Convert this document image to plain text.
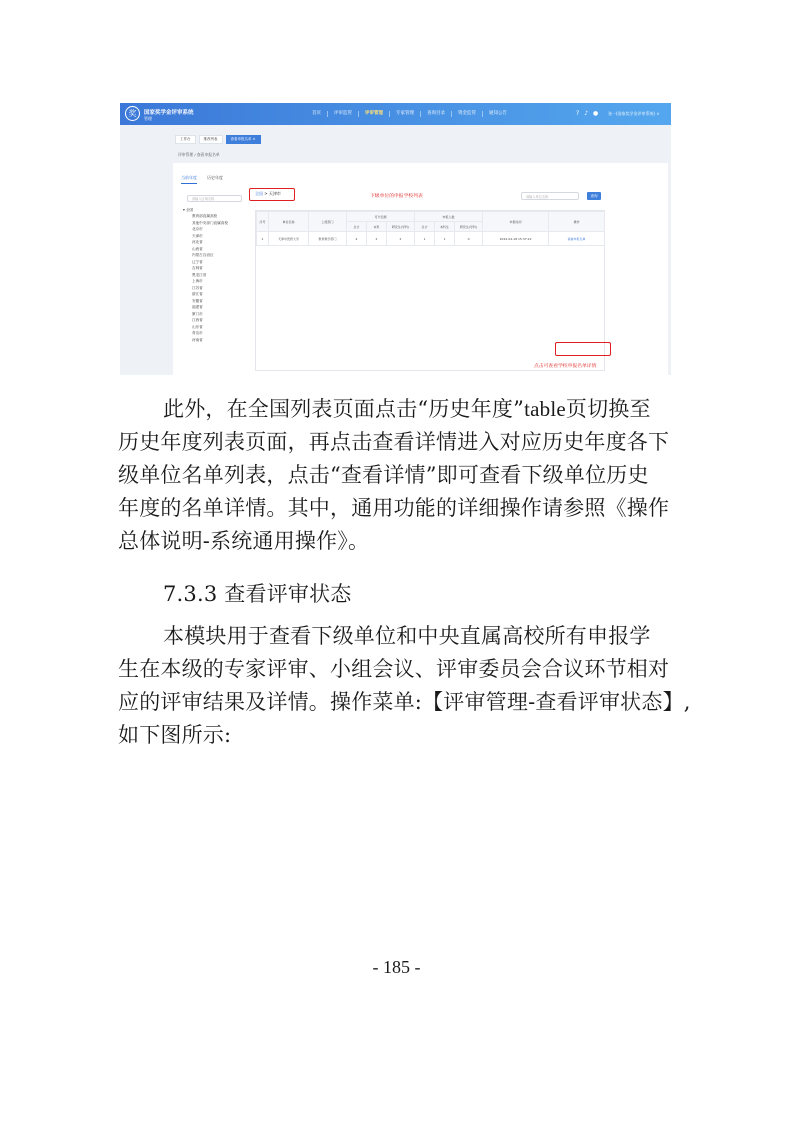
奖	国家奖学金评审系统
管理
首页	评审监管	评审管理	专家管理	查询目录	资金监管	通知公告	? ♪ ● 张一(国家奖学金评审系统) ∨
工作台	推荐列表	查看申报名单 ×
评审管理 / 查看申报名单
当前年度	历史年度
请输入区域名称
▾ 全国
教育部直属高校
其他中央部门直属高校
北京市
天津市
河北省
山西省
内蒙古自治区
辽宁省
吉林省
黑龙江省
上海市
江苏省
浙江省
安徽省
福建省
厦门市
江西省
山东省
青岛市
河南省
全国 > 天津市
下级单位的申报学校列表	请输入单位名称	查询
序号	单位名称	上级部门	可分名额			申报人数			申报时间	操作
			总计	本科	研究生(学科)	总计	本科生	研究生(学科)		
1	天津中医药大学	教育教学部门	4	2	2	1	1	0	2022-04-18 15:37:22	查看申报名单
点击可查看学校申报名单详情
此外，在全国列表页面点击“历史年度”table页切换至
历史年度列表页面，再点击查看详情进入对应历史年度各下
级单位名单列表，点击“查看详情”即可查看下级单位历史
年度的名单详情。其中，通用功能的详细操作请参照《操作
总体说明-系统通用操作》。
7.3.3 查看评审状态
本模块用于查看下级单位和中央直属高校所有申报学
生在本级的专家评审、小组会议、评审委员会合议环节相对
应的评审结果及详情。操作菜单:【评审管理-查看评审状态】,
如下图所示:
- 185 -
